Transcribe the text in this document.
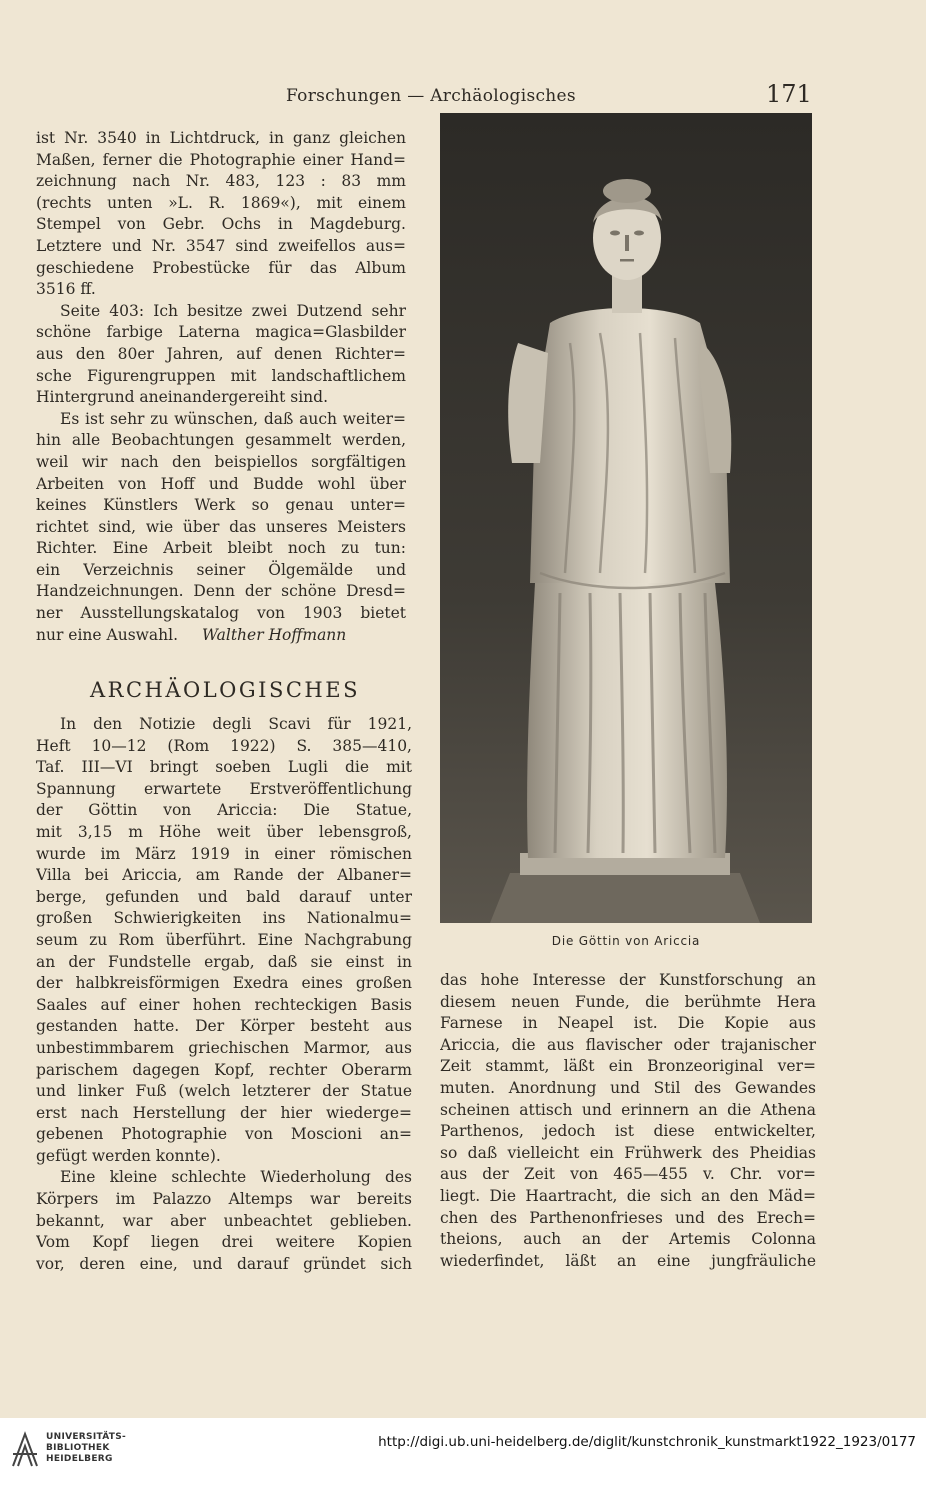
Forschungen — Archäologisches	171
ist Nr. 3540 in Lichtdruck, in ganz gleichen
Maßen, ferner die Photographie einer Hand=
zeichnung nach Nr. 483, 123 : 83 mm
(rechts unten »L. R. 1869«), mit einem
Stempel von Gebr. Ochs in Magdeburg.
Letztere und Nr. 3547 sind zweifellos aus=
geschiedene Probestücke für das Album
3516 ff.
Seite 403: Ich besitze zwei Dutzend sehr
schöne farbige Laterna magica=Glasbilder
aus den 80er Jahren, auf denen Richter=
sche Figurengruppen mit landschaftlichem
Hintergrund aneinandergereiht sind.
Es ist sehr zu wünschen, daß auch weiter=
hin alle Beobachtungen gesammelt werden,
weil wir nach den beispiellos sorgfältigen
Arbeiten von Hoff und Budde wohl über
keines Künstlers Werk so genau unter=
richtet sind, wie über das unseres Meisters
Richter. Eine Arbeit bleibt noch zu tun:
ein Verzeichnis seiner Ölgemälde und
Handzeichnungen. Denn der schöne Dresd=
ner Ausstellungskatalog von 1903 bietet
nur eine Auswahl. Walther Hoffmann
ARCHÄOLOGISCHES
In den Notizie degli Scavi für 1921,
Heft 10—12 (Rom 1922) S. 385—410,
Taf. III—VI bringt soeben Lugli die mit
Spannung erwartete Erstveröffentlichung
der Göttin von Ariccia: Die Statue,
mit 3,15 m Höhe weit über lebensgroß,
wurde im März 1919 in einer römischen
Villa bei Ariccia, am Rande der Albaner=
berge, gefunden und bald darauf unter
großen Schwierigkeiten ins Nationalmu=
seum zu Rom überführt. Eine Nachgrabung
an der Fundstelle ergab, daß sie einst in
der halbkreisförmigen Exedra eines großen
Saales auf einer hohen rechteckigen Basis
gestanden hatte. Der Körper besteht aus
unbestimmbarem griechischen Marmor, aus
parischem dagegen Kopf, rechter Oberarm
und linker Fuß (welch letzterer der Statue
erst nach Herstellung der hier wiederge=
gebenen Photographie von Moscioni an=
gefügt werden konnte).
Eine kleine schlechte Wiederholung des
Körpers im Palazzo Altemps war bereits
bekannt, war aber unbeachtet geblieben.
Vom Kopf liegen drei weitere Kopien
vor, deren eine, und darauf gründet sich
Die Göttin von Ariccia
das hohe Interesse der Kunstforschung an
diesem neuen Funde, die berühmte Hera
Farnese in Neapel ist. Die Kopie aus
Ariccia, die aus flavischer oder trajanischer
Zeit stammt, läßt ein Bronzeoriginal ver=
muten. Anordnung und Stil des Gewandes
scheinen attisch und erinnern an die Athena
Parthenos, jedoch ist diese entwickelter,
so daß vielleicht ein Frühwerk des Pheidias
aus der Zeit von 465—455 v. Chr. vor=
liegt. Die Haartracht, die sich an den Mäd=
chen des Parthenonfrieses und des Erech=
theions, auch an der Artemis Colonna
wiederfindet, läßt an eine jungfräuliche
UNIVERSITÄTS-
BIBLIOTHEK
HEIDELBERG
http://digi.ub.uni-heidelberg.de/diglit/kunstchronik_kunstmarkt1922_1923/0177
